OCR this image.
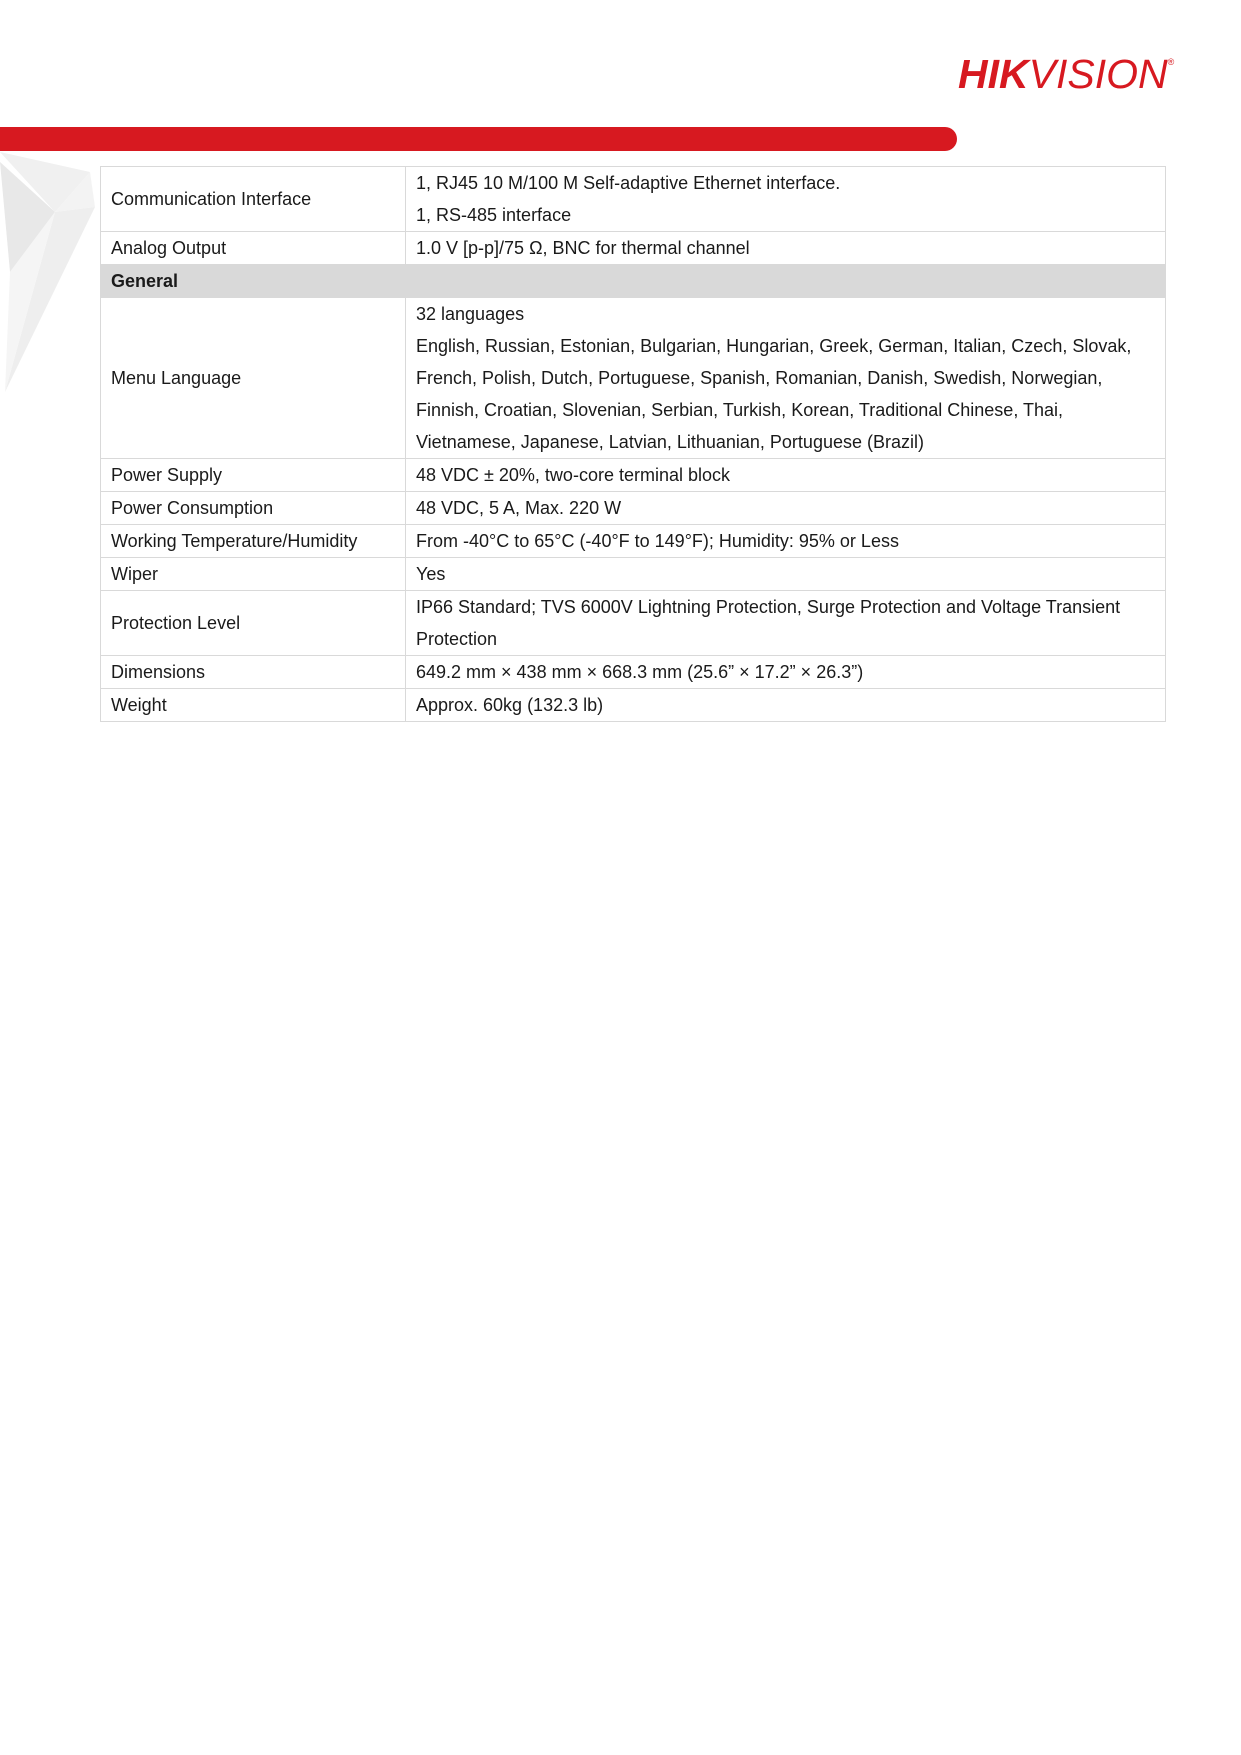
HIKVISION®
Communication Interface	1, RJ45 10 M/100 M Self-adaptive Ethernet interface.
1, RS-485 interface

Analog Output	1.0 V [p-p]/75 Ω, BNC for thermal channel

General	
Menu Language	32 languages
English, Russian, Estonian, Bulgarian, Hungarian, Greek, German, Italian, Czech, Slovak,
French, Polish, Dutch, Portuguese, Spanish, Romanian, Danish, Swedish, Norwegian,
Finnish, Croatian, Slovenian, Serbian, Turkish, Korean, Traditional Chinese, Thai,
Vietnamese, Japanese, Latvian, Lithuanian, Portuguese (Brazil)

Power Supply	48 VDC ± 20%, two-core terminal block

Power Consumption	48 VDC, 5 A, Max. 220 W

Working Temperature/Humidity	From -40°C to 65°C (-40°F to 149°F); Humidity: 95% or Less

Wiper	Yes

Protection Level	IP66 Standard; TVS 6000V Lightning Protection, Surge Protection and Voltage Transient
Protection

Dimensions	649.2 mm × 438 mm × 668.3 mm (25.6” × 17.2” × 26.3”)

Weight	Approx. 60kg (132.3 lb)
